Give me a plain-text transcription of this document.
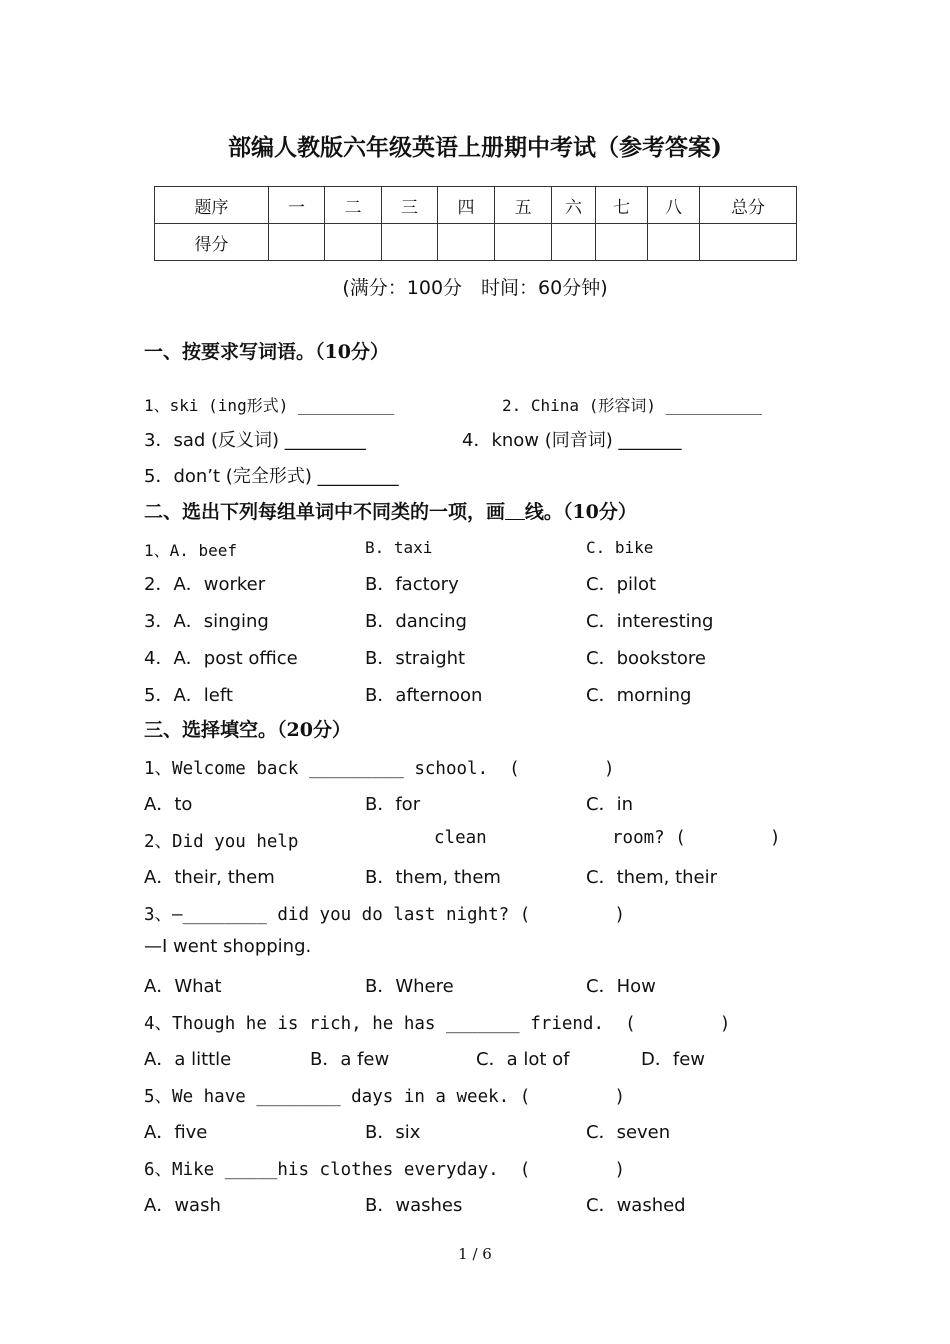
部编人教版六年级英语上册期中考试（参考答案)
题序	一	二	三	四	五	六	七	八	总分
得分									
(满分：100分　时间：60分钟)
一、按要求写词语。（10分）
1、ski (ing形式) __________	2. China (形容词) __________
3．sad (反义词) _________	4．know (同音词) _______
5．don’t (完全形式) _________
二、选出下列每组单词中不同类的一项，画 线。（10分）
1、A. beef	B. taxi	C. bike
2．A．worker	B．factory	C．pilot
3．A．singing	B．dancing	C．interesting
4．A．post office	B．straight	C．bookstore
5．A．left	B．afternoon	C．morning
三、选择填空。（20分）
1、Welcome back _________ school.  (        )
A．to	B．for	C．in
2、Did you help	clean	room? (        )
A．their, them	B．them, them	C．them, their
3、—________ did you do last night? (        )
—I went shopping.
A．What	B．Where	C．How
4、Though he is rich, he has _______ friend.  (        )
A．a little	B．a few	C．a lot of	D．few
5、We have ________ days in a week. (        )
A．five	B．six	C．seven
6、Mike _____his clothes everyday.  (        )
A．wash	B．washes	C．washed
1 / 6
